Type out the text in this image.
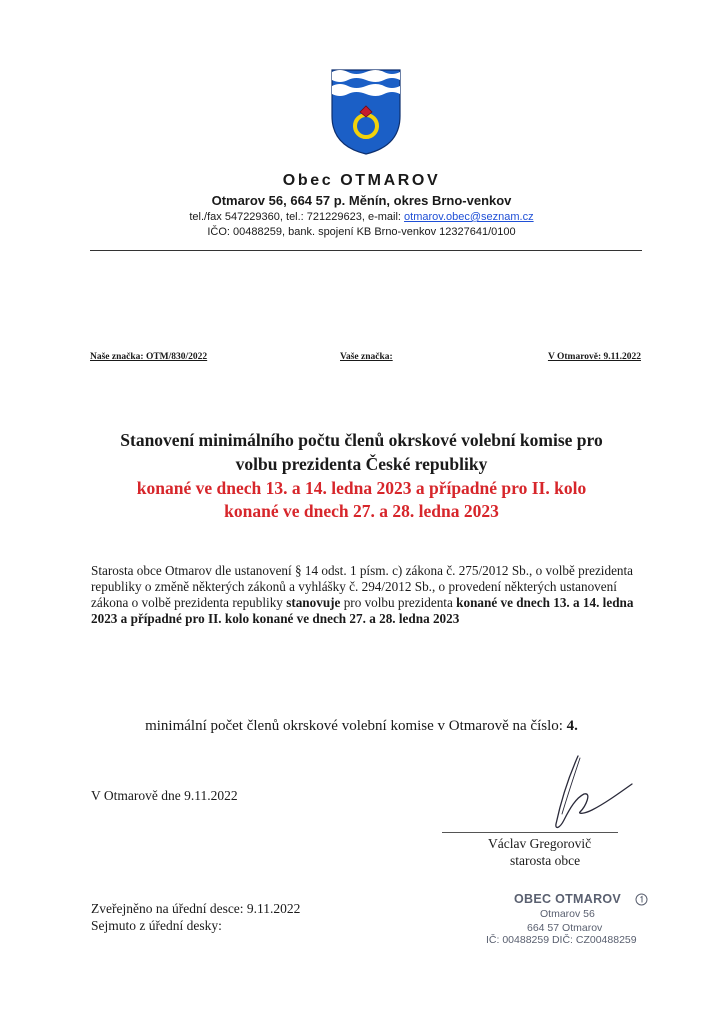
Obec OTMAROV
Otmarov 56, 664 57 p. Měnín, okres Brno-venkov
tel./fax 547229360, tel.: 721229623, e-mail: otmarov.obec@seznam.cz
IČO: 00488259, bank. spojení KB Brno-venkov 12327641/0100
Naše značka: OTM/830/2022	Vaše značka:	V Otmarově: 9.11.2022
Stanovení minimálního počtu členů okrskové volební komise pro
volbu prezidenta České republiky
konané ve dnech 13. a 14. ledna 2023 a případné pro II. kolo
konané ve dnech 27. a 28. ledna 2023
Starosta obce Otmarov dle ustanovení § 14 odst. 1 písm. c) zákona č. 275/2012 Sb., o volbě prezidenta republiky o změně některých zákonů a vyhlášky č. 294/2012 Sb., o provedení některých ustanovení zákona o volbě prezidenta republiky stanovuje pro volbu prezidenta konané ve dnech 13. a 14. ledna 2023 a případné pro II. kolo konané ve dnech 27. a 28. ledna 2023
minimální počet členů okrskové volební komise v Otmarově na číslo: 4.
V Otmarově dne 9.11.2022
Václav Gregorovič
starosta obce
Zveřejněno na úřední desce: 9.11.2022
Sejmuto z úřední desky:
OBEC OTMAROV
Otmarov 56
664 57 Otmarov
IČ: 00488259 DIČ: CZ00488259
